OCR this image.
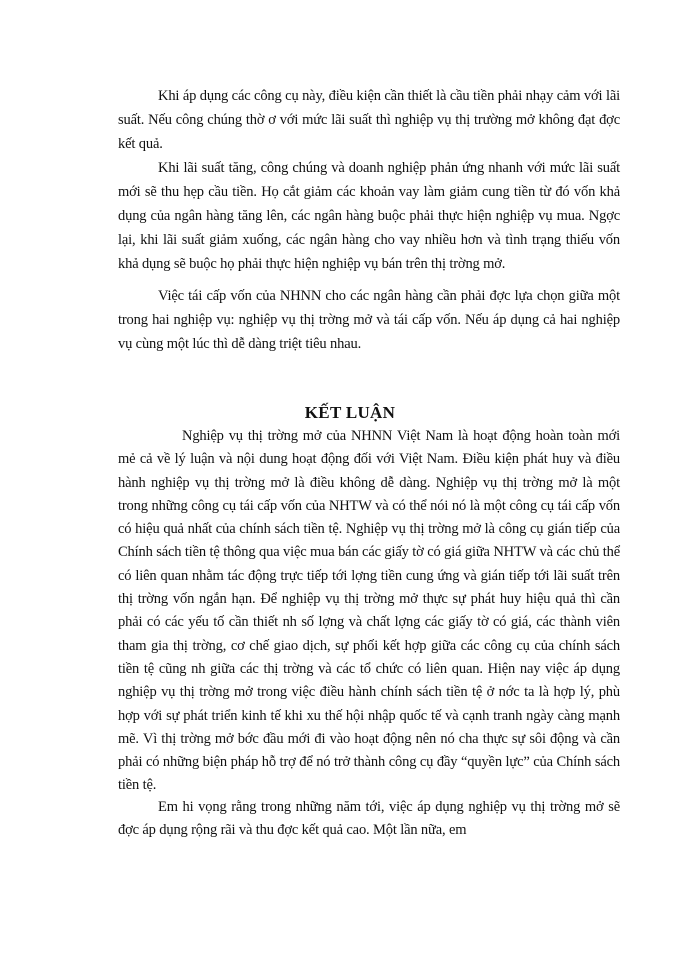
Khi áp dụng các công cụ này, điều kiện cần thiết là cầu tiền phải nhạy cảm với lãi suất. Nếu công chúng thờ ơ với mức lãi suất thì nghiệp vụ thị trường mở không đạt đợc kết quả.

Khi lãi suất tăng, công chúng và doanh nghiệp phản ứng nhanh với mức lãi suất mới sẽ thu hẹp cầu tiền. Họ cắt giảm các khoản vay làm giảm cung tiền từ đó vốn khả dụng của ngân hàng tăng lên, các ngân hàng buộc phải thực hiện nghiệp vụ mua. Ngợc lại, khi lãi suất giảm xuống, các ngân hàng cho vay nhiều hơn và tình trạng thiếu vốn khả dụng sẽ buộc họ phải thực hiện nghiệp vụ bán trên thị trờng mở.

Việc tái cấp vốn của NHNN cho các ngân hàng cần phải đợc lựa chọn giữa một trong hai nghiệp vụ: nghiệp vụ thị trờng mở và tái cấp vốn. Nếu áp dụng cả hai nghiệp vụ cùng một lúc thì dễ dàng triệt tiêu nhau.

KẾT LUẬN

Nghiệp vụ thị trờng mở của NHNN Việt Nam là hoạt động hoàn toàn mới mẻ cả về lý luận và nội dung hoạt động đối với Việt Nam. Điều kiện phát huy và điều hành nghiệp vụ thị trờng mở là điều không dễ dàng. Nghiệp vụ thị trờng mở là một trong những công cụ tái cấp vốn của NHTW và có thể nói nó là một công cụ tái cấp vốn có hiệu quả nhất của chính sách tiền tệ. Nghiệp vụ thị trờng mở là công cụ gián tiếp của Chính sách tiền tệ thông qua việc mua bán các giấy tờ có giá giữa NHTW và các chủ thể có liên quan nhằm tác động trực tiếp tới lợng tiền cung ứng và gián tiếp tới lãi suất trên thị trờng vốn ngắn hạn. Để nghiệp vụ thị trờng mở thực sự phát huy hiệu quả thì cần phải có các yếu tố cần thiết nh số lợng và chất lợng các giấy tờ có giá, các thành viên tham gia thị trờng, cơ chế giao dịch, sự phối kết hợp giữa các công cụ của chính sách tiền tệ cũng nh giữa các thị trờng và các tổ chức có liên quan. Hiện nay việc áp dụng nghiệp vụ thị trờng mở trong việc điều hành chính sách tiền tệ ở nớc ta là hợp lý, phù hợp với sự phát triển kinh tế khi xu thế hội nhập quốc tế và cạnh tranh ngày càng mạnh mẽ. Vì thị trờng mở bớc đầu mới đi vào hoạt động nên nó cha thực sự sôi động và cần phải có những biện pháp hỗ trợ để nó trở thành công cụ đầy “quyền lực” của Chính sách tiền tệ.

Em hi vọng rằng trong những năm tới, việc áp dụng nghiệp vụ thị trờng mở sẽ đợc áp dụng rộng rãi và thu đợc kết quả cao. Một lần nữa, em
